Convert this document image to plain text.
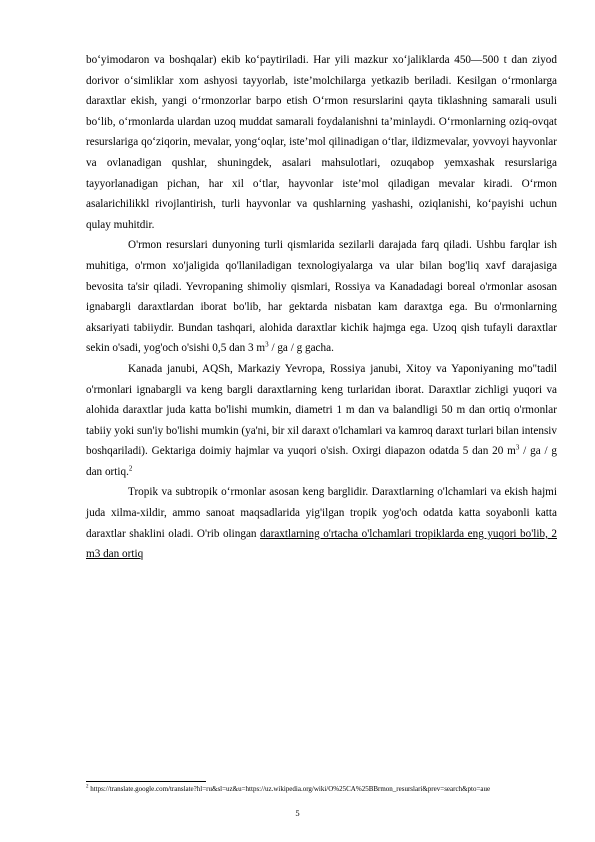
bo‘yimodaron va boshqalar) ekib ko‘paytiriladi. Har yili mazkur xo‘jaliklarda 450—500 t dan ziyod dorivor o‘simliklar xom ashyosi tayyorlab, iste’molchilarga yetkazib beriladi. Kesilgan o‘rmonlarga daraxtlar ekish, yangi o‘rmonzorlar barpo etish O‘rmon resurslarini qayta tiklashning samarali usuli bo‘lib, o‘rmonlarda ulardan uzoq muddat samarali foydalanishni ta’minlaydi. O‘rmonlarning oziq-ovqat resurslariga qo‘ziqorin, mevalar, yong‘oqlar, iste’mol qilinadigan o‘tlar, ildizmevalar, yovvoyi hayvonlar va ovlanadigan qushlar, shuningdek, asalari mahsulotlari, ozuqabop yemxashak resurslariga tayyorlanadigan pichan, har xil o‘tlar, hayvonlar iste’mol qiladigan mevalar kiradi. O‘rmon asalarichilikkl rivojlantirish, turli hayvonlar va qushlarning yashashi, oziqlanishi, ko‘payishi uchun qulay muhitdir.

O'rmon resurslari dunyoning turli qismlarida sezilarli darajada farq qiladi. Ushbu farqlar ish muhitiga, o'rmon xo'jaligida qo'llaniladigan texnologiyalarga va ular bilan bog'liq xavf darajasiga bevosita ta'sir qiladi. Yevropaning shimoliy qismlari, Rossiya va Kanadadagi boreal o'rmonlar asosan ignabargli daraxtlardan iborat bo'lib, har gektarda nisbatan kam daraxtga ega. Bu o'rmonlarning aksariyati tabiiydir. Bundan tashqari, alohida daraxtlar kichik hajmga ega. Uzoq qish tufayli daraxtlar sekin o'sadi, yog'och o'sishi 0,5 dan 3 $m^3$ / ga / g gacha.

Kanada janubi, AQSh, Markaziy Yevropa, Rossiya janubi, Xitoy va Yaponiyaning mo"tadil o'rmonlari ignabargli va keng bargli daraxtlarning keng turlaridan iborat. Daraxtlar zichligi yuqori va alohida daraxtlar juda katta bo'lishi mumkin, diametri 1 m dan va balandligi 50 m dan ortiq o'rmonlar tabiiy yoki sun'iy bo'lishi mumkin (ya'ni, bir xil daraxt o'lchamlari va kamroq daraxt turlari bilan intensiv boshqariladi). Gektariga doimiy hajmlar va yuqori o'sish. Oxirgi diapazon odatda 5 dan 20 $m^3$ / ga / g dan ortiq.$^2$

Tropik va subtropik o‘rmonlar asosan keng barglidir. Daraxtlarning o'lchamlari va ekish hajmi juda xilma-xildir, ammo sanoat maqsadlarida yig'ilgan tropik yog'och odatda katta soyabonli katta daraxtlar shaklini oladi. O'rib olingan daraxtlarning o'rtacha o'lchamlari tropiklarda eng yuqori bo'lib, 2 m3 dan ortiq

$^2$ https://translate.google.com/translate?hl=ru&sl=uz&u=https://uz.wikipedia.org/wiki/O%25CA%25BBrmon_resurslari&prev=search&pto=aue
5
